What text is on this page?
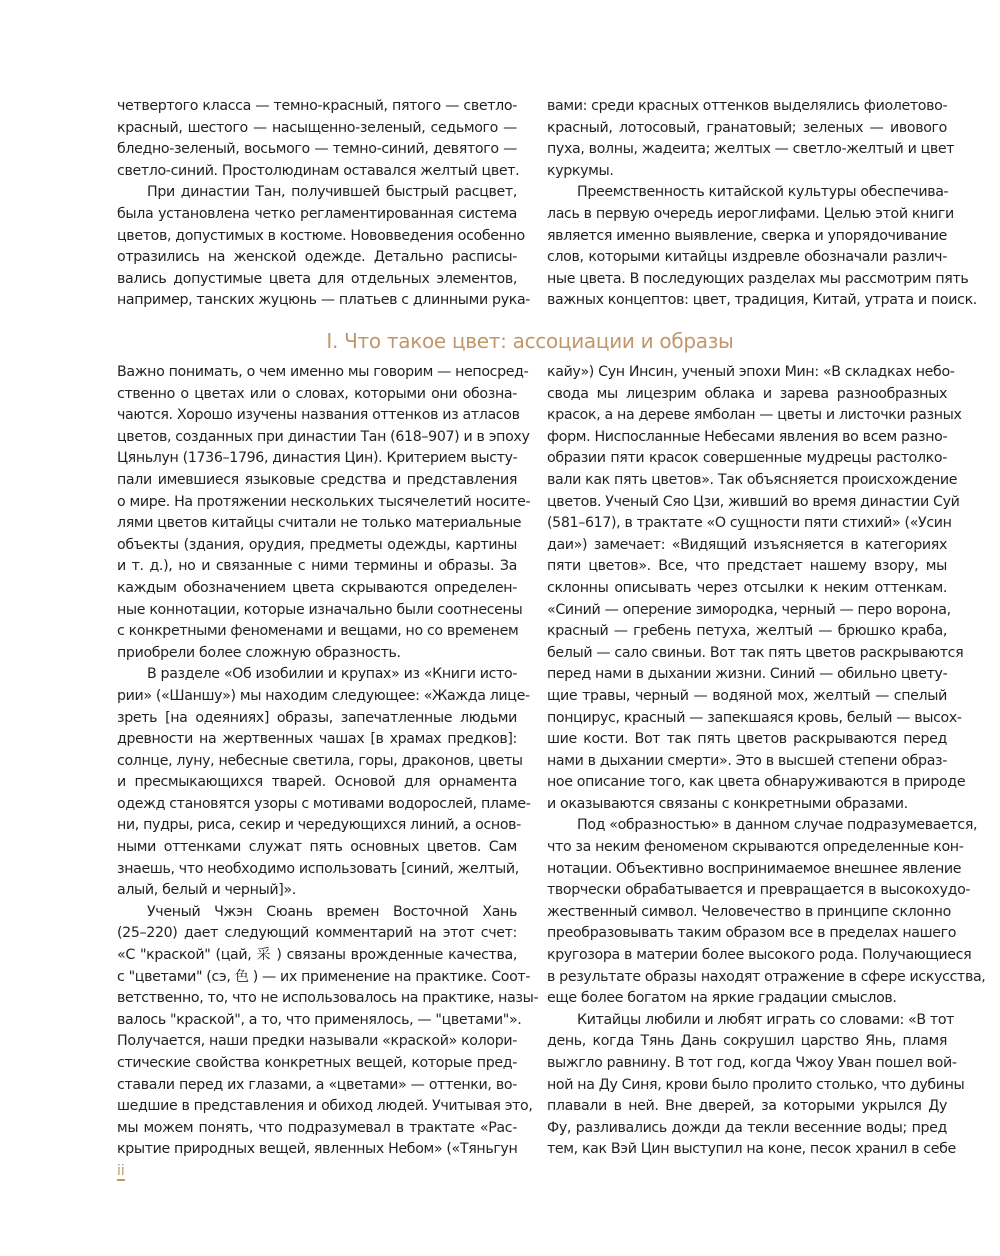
четвертого класса — темно-красный, пятого — светло-
красный, шестого — насыщенно-зеленый, седьмого —
бледно-зеленый, восьмого — темно-синий, девятого —
светло-синий. Простолюдинам оставался желтый цвет.
При династии Тан, получившей быстрый расцвет,
была установлена четко регламентированная система
цветов, допустимых в костюме. Нововведения особенно
отразились на женской одежде. Детально расписы-
вались допустимые цвета для отдельных элементов,
например, танских жуцюнь — платьев с длинными рука-
вами: среди красных оттенков выделялись фиолетово-
красный, лотосовый, гранатовый; зеленых — ивового
пуха, волны, жадеита; желтых — светло-желтый и цвет
куркумы.
Преемственность китайской культуры обеспечива-
лась в первую очередь иероглифами. Целью этой книги
является именно выявление, сверка и упорядочивание
слов, которыми китайцы издревле обозначали различ-
ные цвета. В последующих разделах мы рассмотрим пять
важных концептов: цвет, традиция, Китай, утрата и поиск.
I. Что такое цвет: ассоциации и образы
Важно понимать, о чем именно мы говорим — непосред-
ственно о цветах или о словах, которыми они обозна-
чаются. Хорошо изучены названия оттенков из атласов
цветов, созданных при династии Тан (618–907) и в эпоху
Цяньлун (1736–1796, династия Цин). Критерием высту-
пали имевшиеся языковые средства и представления
о мире. На протяжении нескольких тысячелетий носите-
лями цветов китайцы считали не только материальные
объекты (здания, орудия, предметы одежды, картины
и т. д.), но и связанные с ними термины и образы. За
каждым обозначением цвета скрываются определен-
ные коннотации, которые изначально были соотнесены
с конкретными феноменами и вещами, но со временем
приобрели более сложную образность.
В разделе «Об изобилии и крупах» из «Книги исто-
рии» («Шаншу») мы находим следующее: «Жажда лице-
зреть [на одеяниях] образы, запечатленные людьми
древности на жертвенных чашах [в храмах предков]:
солнце, луну, небесные светила, горы, драконов, цветы
и пресмыкающихся тварей. Основой для орнамента
одежд становятся узоры с мотивами водорослей, пламе-
ни, пудры, риса, секир и чередующихся линий, а основ-
ными оттенками служат пять основных цветов. Сам
знаешь, что необходимо использовать [синий, желтый,
алый, белый и черный]».
Ученый Чжэн Сюань времен Восточной Хань
(25–220) дает следующий комментарий на этот счет:
«С "краской" (цай, 采 ) связаны врожденные качества,
с "цветами" (сэ, 色 ) — их применение на практике. Соот-
ветственно, то, что не использовалось на практике, назы-
валось "краской", а то, что применялось, — "цветами"».
Получается, наши предки называли «краской» колори-
стические свойства конкретных вещей, которые пред-
ставали перед их глазами, а «цветами» — оттенки, во-
шедшие в представления и обиход людей. Учитывая это,
мы можем понять, что подразумевал в трактате «Рас-
крытие природных вещей, явленных Небом» («Тяньгун
кайу») Сун Инсин, ученый эпохи Мин: «В складках небо-
свода мы лицезрим облака и зарева разнообразных
красок, а на дереве ямболан — цветы и листочки разных
форм. Ниспосланные Небесами явления во всем разно-
образии пяти красок совершенные мудрецы растолко-
вали как пять цветов». Так объясняется происхождение
цветов. Ученый Сяо Цзи, живший во время династии Суй
(581–617), в трактате «О сущности пяти стихий» («Усин
даи») замечает: «Видящий изъясняется в категориях
пяти цветов». Все, что предстает нашему взору, мы
склонны описывать через отсылки к неким оттенкам.
«Синий — оперение зимородка, черный — перо ворона,
красный — гребень петуха, желтый — брюшко краба,
белый — сало свиньи. Вот так пять цветов раскрываются
перед нами в дыхании жизни. Синий — обильно цвету-
щие травы, черный — водяной мох, желтый — спелый
понцирус, красный — запекшаяся кровь, белый — высох-
шие кости. Вот так пять цветов раскрываются перед
нами в дыхании смерти». Это в высшей степени образ-
ное описание того, как цвета обнаруживаются в природе
и оказываются связаны с конкретными образами.
Под «образностью» в данном случае подразумевается,
что за неким феноменом скрываются определенные кон-
нотации. Объективно воспринимаемое внешнее явление
творчески обрабатывается и превращается в высокохудо-
жественный символ. Человечество в принципе склонно
преобразовывать таким образом все в пределах нашего
кругозора в материи более высокого рода. Получающиеся
в результате образы находят отражение в сфере искусства,
еще более богатом на яркие градации смыслов.
Китайцы любили и любят играть со словами: «В тот
день, когда Тянь Дань сокрушил царство Янь, пламя
выжгло равнину. В тот год, когда Чжоу Уван пошел вой-
ной на Ду Синя, крови было пролито столько, что дубины
плавали в ней. Вне дверей, за которыми укрылся Ду
Фу, разливались дожди да текли весенние воды; пред
тем, как Вэй Цин выступил на коне, песок хранил в себе
ii
